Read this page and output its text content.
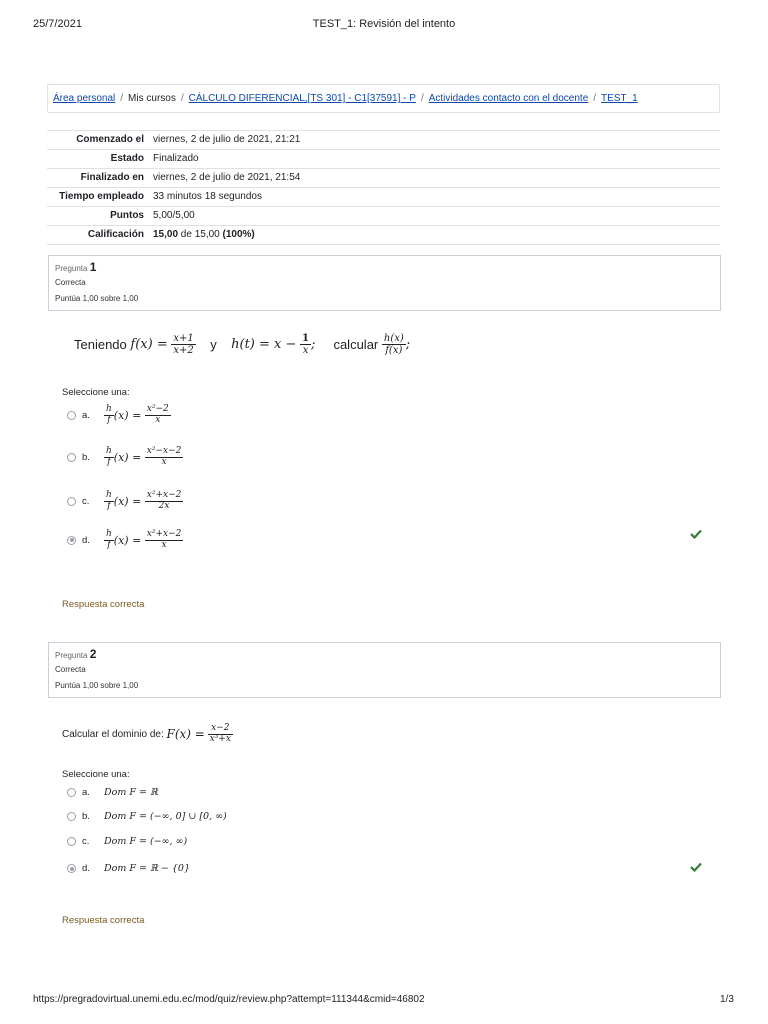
25/7/2021	TEST_1: Revisión del intento
Área personal / Mis cursos / CÁLCULO DIFERENCIAL,[TS 301] - C1[37591] - P / Actividades contacto con el docente / TEST_1
Comenzado el	viernes, 2 de julio de 2021, 21:21
Estado	Finalizado
Finalizado en	viernes, 2 de julio de 2021, 21:54
Tiempo empleado	33 minutos 18 segundos
Puntos	5,00/5,00
Calificación	15,00 de 15,00 (100%)
Pregunta 1
Correcta
Puntúa 1,00 sobre 1,00
Teniendo
f(x) =
$\frac{x+1}{x+2}$
y
h(t) = x −
$\frac{1}{x}$ ;
calcular
$\frac{h(x)}{f(x)}$ ;
Seleccione una:
a.	$\frac{h}{f} (x)$ =
$\frac{\text{x²−2}}{x}$
b.	$\frac{h}{f} (x)$ =
$\frac{\text{x²−x−2}}{x}$
c.	$\frac{h}{f} (x)$ =
$\frac{\text{x²+x−2}}{2x}$
d.	$\frac{h}{f} (x)$ =
$\frac{\text{x²+x−2}}{x}$
Respuesta correcta
Pregunta 2
Correcta
Puntúa 1,00 sobre 1,00
Calcular el dominio de:
F(x) =
$\frac{x-2}{\text{x³+x}}$
Seleccione una:
a.	Dom F = ℝ
b.	Dom F = (−∞, 0] ∪ [0, ∞)
c.	Dom F = (−∞, ∞)
d.	Dom F = ℝ − {0}
Respuesta correcta
https://pregradovirtual.unemi.edu.ec/mod/quiz/review.php?attempt=111344&cmid=46802	1/3
